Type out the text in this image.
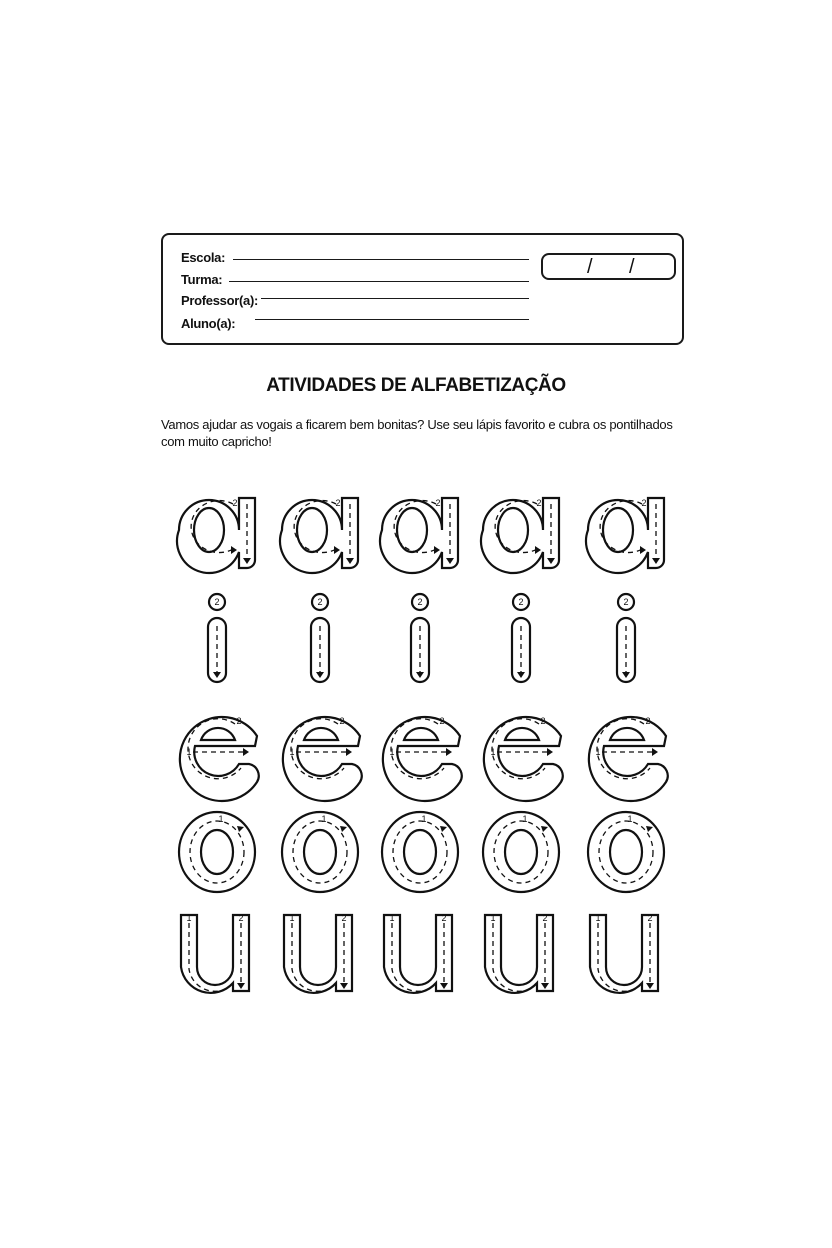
Escola:
Turma:
Professor(a):
Aluno(a):
/ /
ATIVIDADES DE ALFABETIZAÇÃO
Vamos ajudar as vogais a ficarem bem bonitas? Use seu lápis favorito e cubra os pontilhados
com muito capricho!
2	2	2	2	2
2	2	2	2	2
1
2
1
2
1
2
1
2
1
2
1	1	1	1	1
1	2	1	2	1	2	1	2	1	2
